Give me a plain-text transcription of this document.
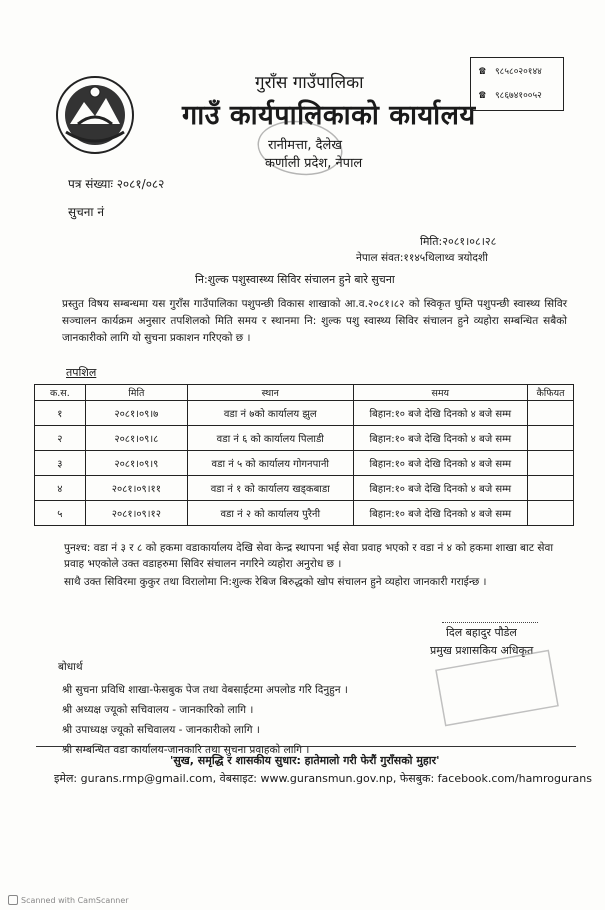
गुराँस गाउँपालिका
गाउँ कार्यपालिकाको कार्यालय
रानीमत्ता, दैलेख
कर्णाली प्रदेश, नेपाल
☎	९८५८०२०१४४
☎	९८६७४१००५२
पत्र संख्याः २०८१/०८२
सुचना नं
मिति:२०८१।०८।२८
नेपाल संवत:११४५थिलाथ्व त्रयोदशी
नि:शुल्क पशुस्वास्थ्य सिविर संचालन हुने बारे सुचना
प्रस्तुत विषय सम्बन्धमा यस गुराँस गाउँपालिका पशुपन्छी विकास शाखाको आ.व.२०८१।८२ को स्विकृत घुम्ति पशुपन्छी स्वास्थ्य सिविर सञ्चालन कार्यक्रम अनुसार तपशिलको मिति समय र स्थानमा नि: शुल्क पशु स्वास्थ्य सिविर संचालन हुने व्यहोरा सम्बन्धित सबैको जानकारीको लागि यो सुचना प्रकाशन गरिएको छ ।
तपशिल
क.स.	मिति	स्थान	समय	कैफियत
१	२०८१।०९।७	वडा नं ७को कार्यालय झुल	बिहान:१० बजे देखि दिनको ४ बजे सम्म	
२	२०८१।०९।८	वडा नं ६ को कार्यालय पिलाडी	बिहान:१० बजे देखि दिनको ४ बजे सम्म	
३	२०८१।०९।९	वडा नं ५ को कार्यालय गोगनपानी	बिहान:१० बजे देखि दिनको ४ बजे सम्म	
४	२०८१।०९।११	वडा नं १ को कार्यालय खड्कबाडा	बिहान:१० बजे देखि दिनको ४ बजे सम्म	
५	२०८१।०९।१२	वडा नं २ को कार्यालय पुरैनी	बिहान:१० बजे देखि दिनको ४ बजे सम्म	
पुनश्च: वडा नं ३ र ८ को हकमा वडाकार्यालय देखि सेवा केन्द्र स्थापना भई सेवा प्रवाह भएको र वडा नं ४ को हकमा शाखा बाट सेवा प्रवाह भएकोले उक्त वडाहरुमा सिविर संचालन नगरिने व्यहोरा अनुरोध छ ।
साथै उक्त सिविरमा कुकुर तथा विरालोमा नि:शुल्क रेबिज बिरुद्धको खोप संचालन हुने व्यहोरा जानकारी गराईन्छ ।
दिल बहादुर पौडेल
प्रमुख प्रशासकिय अधिकृत
बोधार्थ
श्री सुचना प्रविधि शाखा-फेसबुक पेज तथा वेबसाईटमा अपलोड गरि दिनुहुन ।
श्री अध्यक्ष ज्यूको सचिवालय - जानकारिको लागि ।
श्री उपाध्यक्ष ज्यूको सचिवालय - जानकारीको लागि ।
श्री सम्बन्धित वडा कार्यालय-जानकारि तथा सुचना प्रवाहको लागि ।
'सुख, समृद्धि र शासकीय सुधार: हातेमालो गरी फेरौं गुराँसको मुहार'
इमेल: gurans.rmp@gmail.com, वेबसाइट: www.guransmun.gov.np, फेसबुक: facebook.com/hamrogurans
Scanned with CamScanner
